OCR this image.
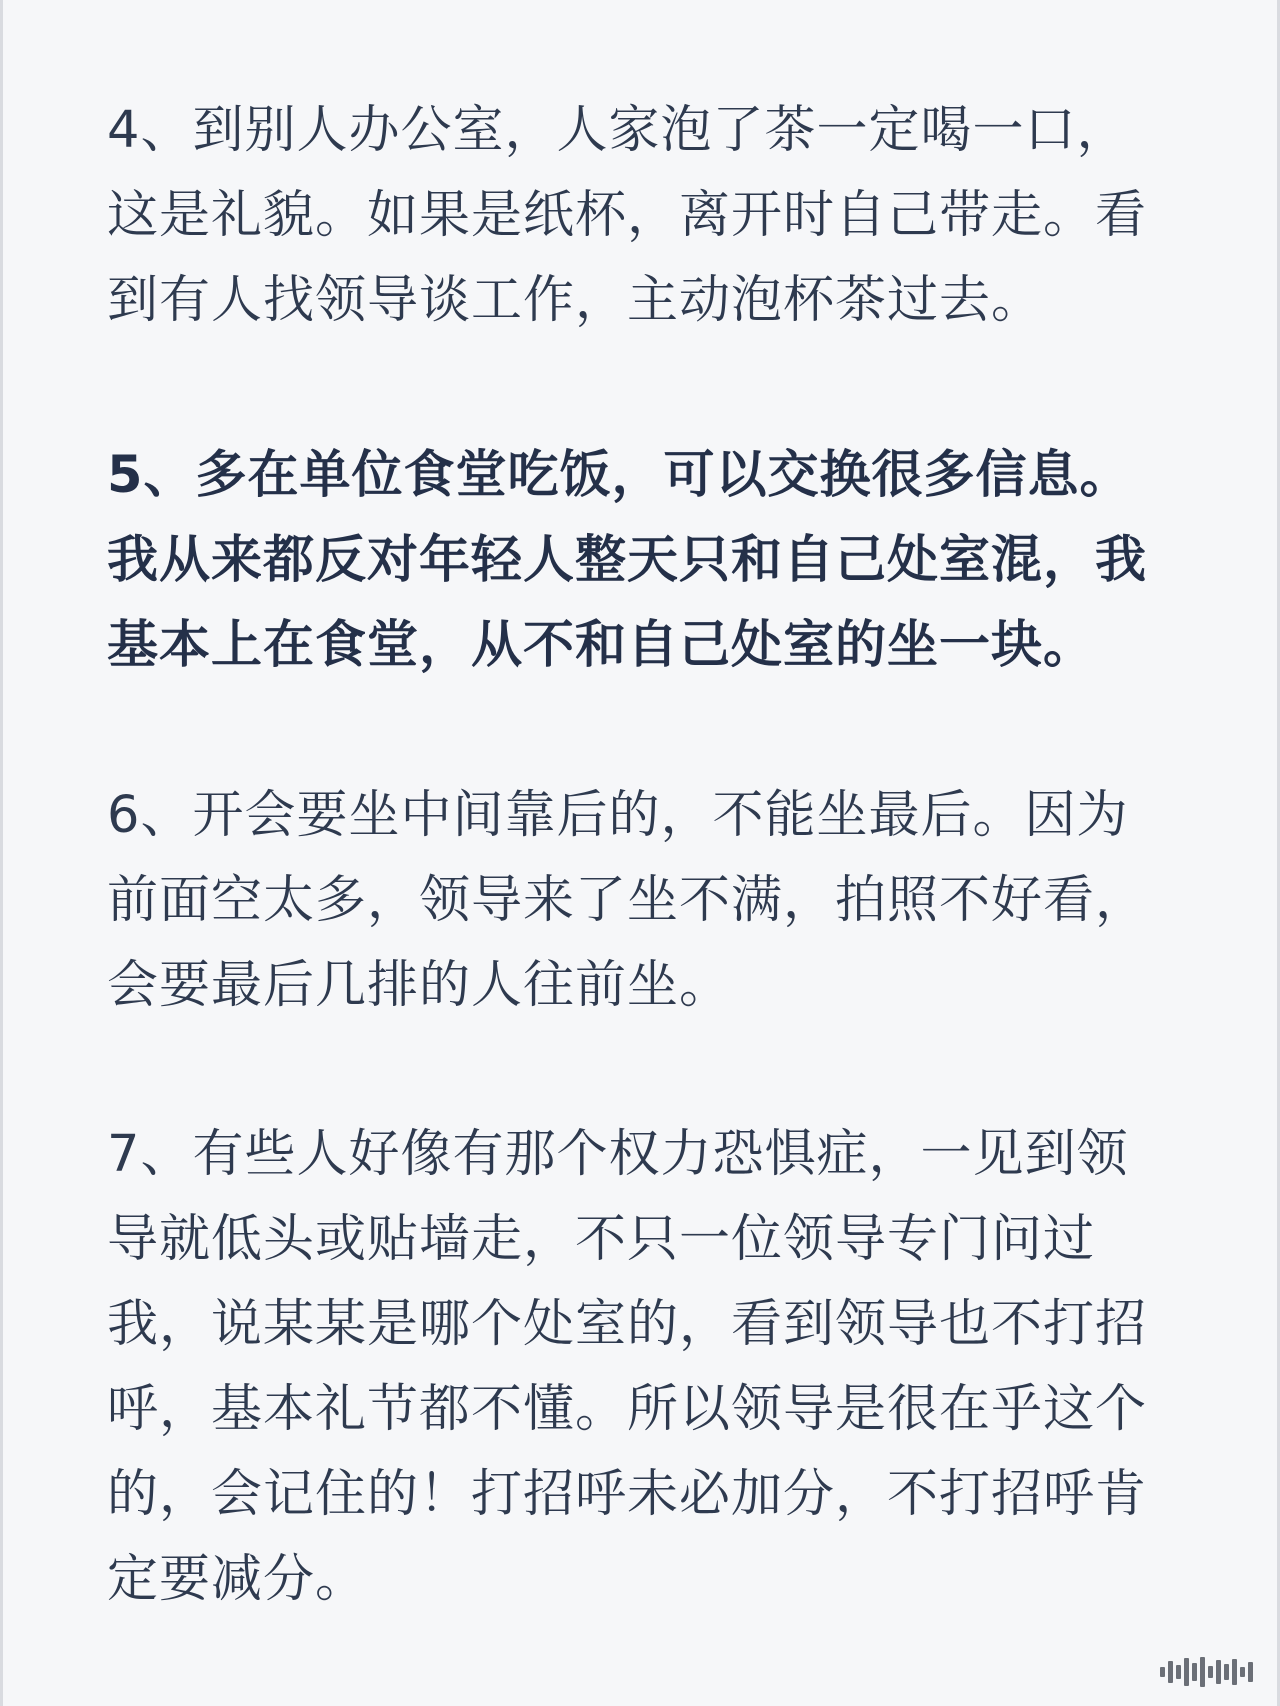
4、到别人办公室，人家泡了茶一定喝一口，
这是礼貌。如果是纸杯，离开时自己带走。看
到有人找领导谈工作，主动泡杯茶过去。

5、多在单位食堂吃饭，可以交换很多信息。
我从来都反对年轻人整天只和自己处室混，我
基本上在食堂，从不和自己处室的坐一块。

6、开会要坐中间靠后的，不能坐最后。因为
前面空太多，领导来了坐不满，拍照不好看，
会要最后几排的人往前坐。

7、有些人好像有那个权力恐惧症，一见到领
导就低头或贴墙走，不只一位领导专门问过
我，说某某是哪个处室的，看到领导也不打招
呼，基本礼节都不懂。所以领导是很在乎这个
的，会记住的！打招呼未必加分，不打招呼肯
定要减分。
